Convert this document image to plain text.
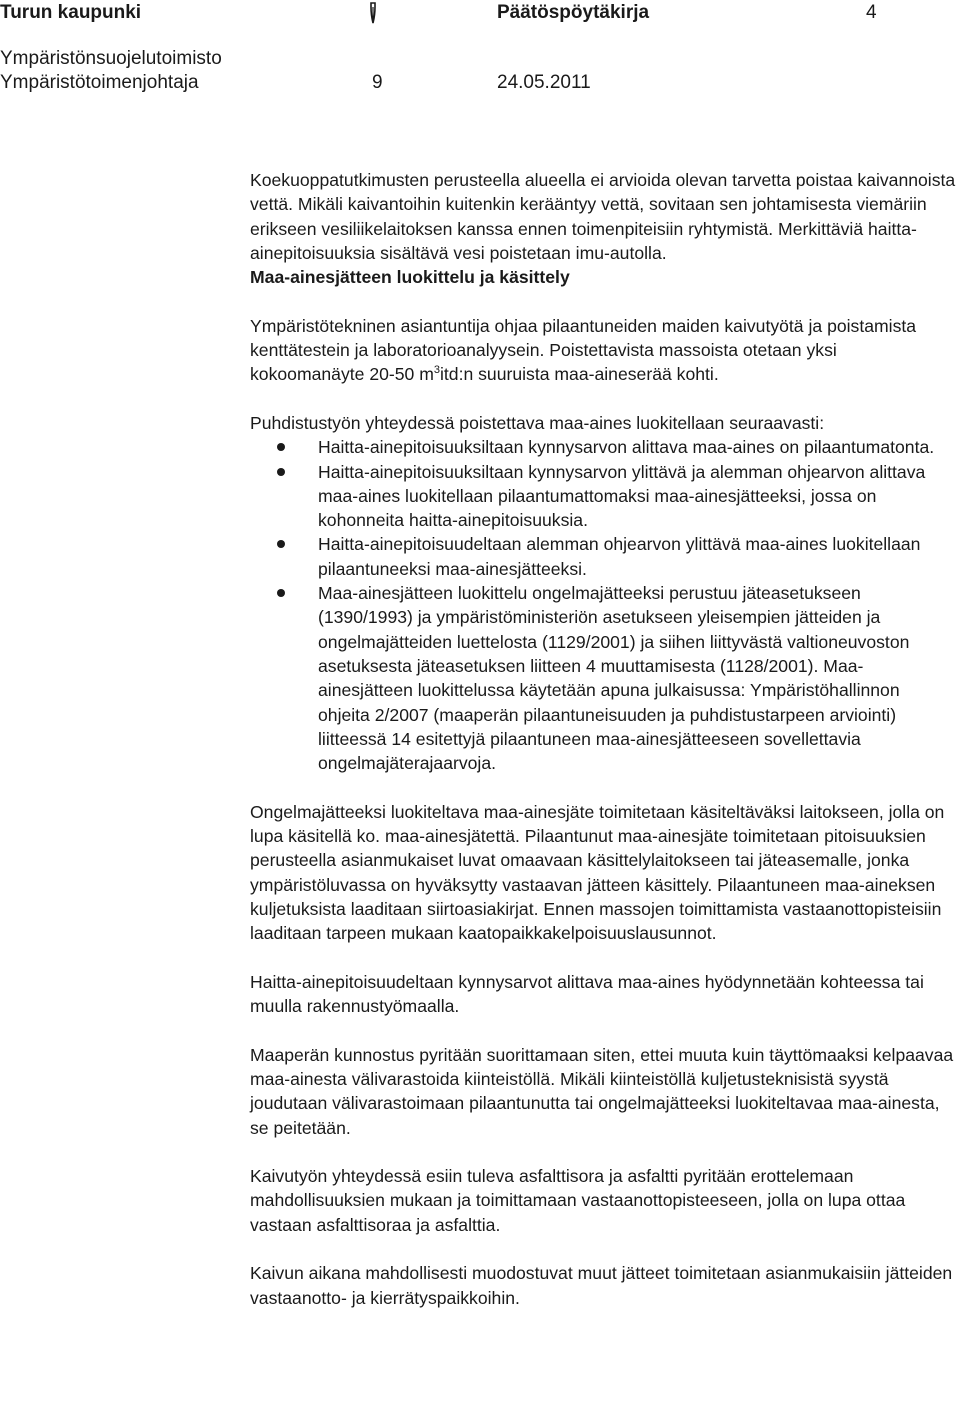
Turun kaupunki	Päätöspöytäkirja	4
Ympäristönsuojelutoimisto
Ympäristötoimenjohtaja	9	24.05.2011

Koekuoppatutkimusten perusteella alueella ei arvioida olevan tarvetta poistaa kaivannoista vettä. Mikäli kaivantoihin kuitenkin kerääntyy vettä, sovitaan sen johtamisesta viemäriin erikseen vesiliikelaitoksen kanssa ennen toimenpiteisiin ryhtymistä. Merkittäviä haitta-ainepitoisuuksia sisältävä vesi poistetaan imu-autolla.

Maa-ainesjätteen luokittelu ja käsittely

Ympäristötekninen asiantuntija ohjaa pilaantuneiden maiden kaivutyötä ja poistamista kenttätestein ja laboratorioanalyysein. Poistettavista massoista otetaan yksi kokoomanäyte 20-50 $m^3itd:n$ suuruista maa-aineserää kohti.

Puhdistustyön yhteydessä poistettava maa-aines luokitellaan seuraavasti:

Haitta-ainepitoisuuksiltaan kynnysarvon alittava maa-aines on pilaantumatonta.
Haitta-ainepitoisuuksiltaan kynnysarvon ylittävä ja alemman ohjearvon alittava maa-aines luokitellaan pilaantumattomaksi maa-ainesjätteeksi, jossa on kohonneita haitta-ainepitoisuuksia.
Haitta-ainepitoisuudeltaan alemman ohjearvon ylittävä maa-aines luokitellaan pilaantuneeksi maa-ainesjätteeksi.
Maa-ainesjätteen luokittelu ongelmajätteeksi perustuu jäteasetukseen (1390/1993) ja ympäristöministeriön asetukseen yleisempien jätteiden ja ongelmajätteiden luettelosta (1129/2001) ja siihen liittyvästä valtioneuvoston asetuksesta jäteasetuksen liitteen 4 muuttamisesta (1128/2001). Maa-ainesjätteen luokittelussa käytetään apuna julkaisussa: Ympäristöhallinnon ohjeita 2/2007 (maaperän pilaantuneisuuden ja puhdistustarpeen arviointi) liitteessä 14 esitettyjä pilaantuneen maa-ainesjätteeseen sovellettavia ongelmajäterajaarvoja.

Ongelmajätteeksi luokiteltava maa-ainesjäte toimitetaan käsiteltäväksi laitokseen, jolla on lupa käsitellä ko. maa-ainesjätettä. Pilaantunut maa-ainesjäte toimitetaan pitoisuuksien perusteella asianmukaiset luvat omaavaan käsittelylaitokseen tai jäteasemalle, jonka ympäristöluvassa on hyväksytty vastaavan jätteen käsittely. Pilaantuneen maa-aineksen kuljetuksista laaditaan siirtoasiakirjat. Ennen massojen toimittamista vastaanottopisteisiin laaditaan tarpeen mukaan kaatopaikkakelpoisuuslausunnot.

Haitta-ainepitoisuudeltaan kynnysarvot alittava maa-aines hyödynnetään kohteessa tai muulla rakennustyömaalla.

Maaperän kunnostus pyritään suorittamaan siten, ettei muuta kuin täyttömaaksi kelpaavaa maa-ainesta välivarastoida kiinteistöllä. Mikäli kiinteistöllä kuljetusteknisistä syystä joudutaan välivarastoimaan pilaantunutta tai ongelmajätteeksi luokiteltavaa maa-ainesta, se peitetään.

Kaivutyön yhteydessä esiin tuleva asfalttisora ja asfaltti pyritään erottelemaan mahdollisuuksien mukaan ja toimittamaan vastaanottopisteeseen, jolla on lupa ottaa vastaan asfalttisoraa ja asfalttia.

Kaivun aikana mahdollisesti muodostuvat muut jätteet toimitetaan asianmukaisiin jätteiden vastaanotto- ja kierrätyspaikkoihin.
